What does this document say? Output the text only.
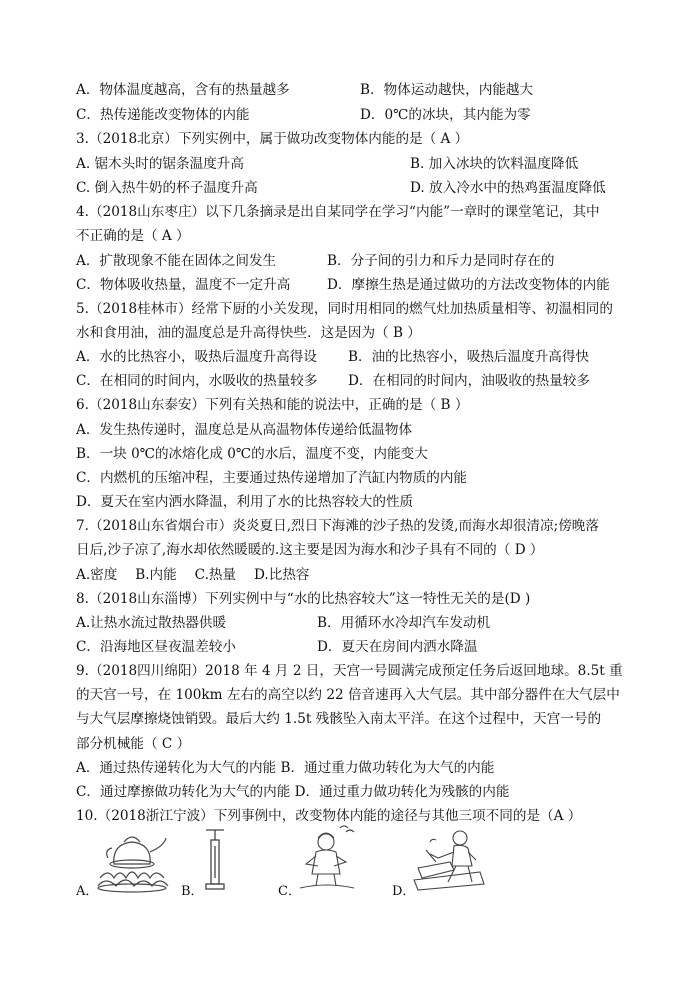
A．物体温度越高，含有的热量越多	B．物体运动越快，内能越大
C．热传递能改变物体的内能	D．0℃的冰块，其内能为零
3.（2018北京）下列实例中，属于做功改变物体内能的是（ A ）
A. 锯木头时的锯条温度升高	B. 加入冰块的饮料温度降低
C. 倒入热牛奶的杯子温度升高	D. 放入冷水中的热鸡蛋温度降低
4.（2018山东枣庄）以下几条摘录是出自某同学在学习“内能”一章时的课堂笔记，其中
不正确的是（ A ）
A．扩散现象不能在固体之间发生	B．分子间的引力和斥力是同时存在的
C．物体吸收热量，温度不一定升高	D．摩擦生热是通过做功的方法改变物体的内能
5.（2018桂林市）经常下厨的小关发现，同时用相同的燃气灶加热质量相等、初温相同的
水和食用油，油的温度总是升高得快些．这是因为（ B ）
A．水的比热容小，吸热后温度升高得设 B．油的比热容小，吸热后温度升高得快
C．在相同的时间内，水吸收的热量较多 D．在相同的时间内，油吸收的热量较多
6.（2018山东泰安）下列有关热和能的说法中，正确的是（ B ）
A．发生热传递时，温度总是从高温物体传递给低温物体
B．一块 0℃的冰熔化成 0℃的水后，温度不变，内能变大
C．内燃机的压缩冲程，主要通过热传递增加了汽缸内物质的内能
D．夏天在室内洒水降温，利用了水的比热容较大的性质
7.（2018山东省烟台市）炎炎夏日,烈日下海滩的沙子热的发烫,而海水却很清凉;傍晚落
日后,沙子凉了,海水却依然暖暖的.这主要是因为海水和沙子具有不同的（ D ）
A.密度　 B.内能　 C.热量　 D.比热容
8.（2018山东淄博）下列实例中与“水的比热容较大”这一特性无关的是(D )
A.让热水流过散热器供暖	B．用循环水冷却汽车发动机
C．沿海地区昼夜温差较小	D．夏天在房间内洒水降温
9.（2018四川绵阳）2018 年 4 月 2 日，天宫一号圆满完成预定任务后返回地球。8.5t 重
的天宫一号，在 100km 左右的高空以约 22 倍音速再入大气层。其中部分器件在大气层中
与大气层摩擦烧蚀销毁。最后大约 1.5t 残骸坠入南太平洋。在这个过程中，天宫一号的
部分机械能（ C ）
A．通过热传递转化为大气的内能 B．通过重力做功转化为大气的内能
C．通过摩擦做功转化为大气的内能 D．通过重力做功转化为残骸的内能
10.（2018浙江宁波）下列事例中，改变物体内能的途径与其他三项不同的是（A ）
A．	B．	C．	D．
